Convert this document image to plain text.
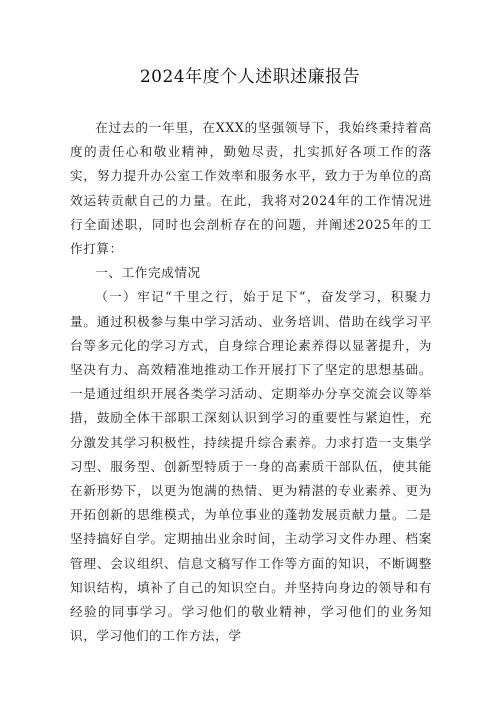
2024年度个人述职述廉报告

在过去的一年里，在XXX的坚强领导下，我始终秉持着高度的责任心和敬业精神，勤勉尽责，扎实抓好各项工作的落实，努力提升办公室工作效率和服务水平，致力于为单位的高效运转贡献自己的力量。在此，我将对2024年的工作情况进行全面述职，同时也会剖析存在的问题，并阐述2025年的工作打算：

一、工作完成情况

（一）牢记“千里之行，始于足下“，奋发学习，积聚力量。通过积极参与集中学习活动、业务培训、借助在线学习平台等多元化的学习方式，自身综合理论素养得以显著提升，为坚决有力、高效精准地推动工作开展打下了坚定的思想基础。一是通过组织开展各类学习活动、定期举办分享交流会议等举措，鼓励全体干部职工深刻认识到学习的重要性与紧迫性，充分激发其学习积极性，持续提升综合素养。力求打造一支集学习型、服务型、创新型特质于一身的高素质干部队伍，使其能在新形势下，以更为饱满的热情、更为精湛的专业素养、更为开拓创新的思维模式，为单位事业的蓬勃发展贡献力量。二是坚持搞好自学。定期抽出业余时间，主动学习文件办理、档案管理、会议组织、信息文稿写作工作等方面的知识，不断调整知识结构，填补了自己的知识空白。并坚持向身边的领导和有经验的同事学习。学习他们的敬业精神，学习他们的业务知识，学习他们的工作方法，学
